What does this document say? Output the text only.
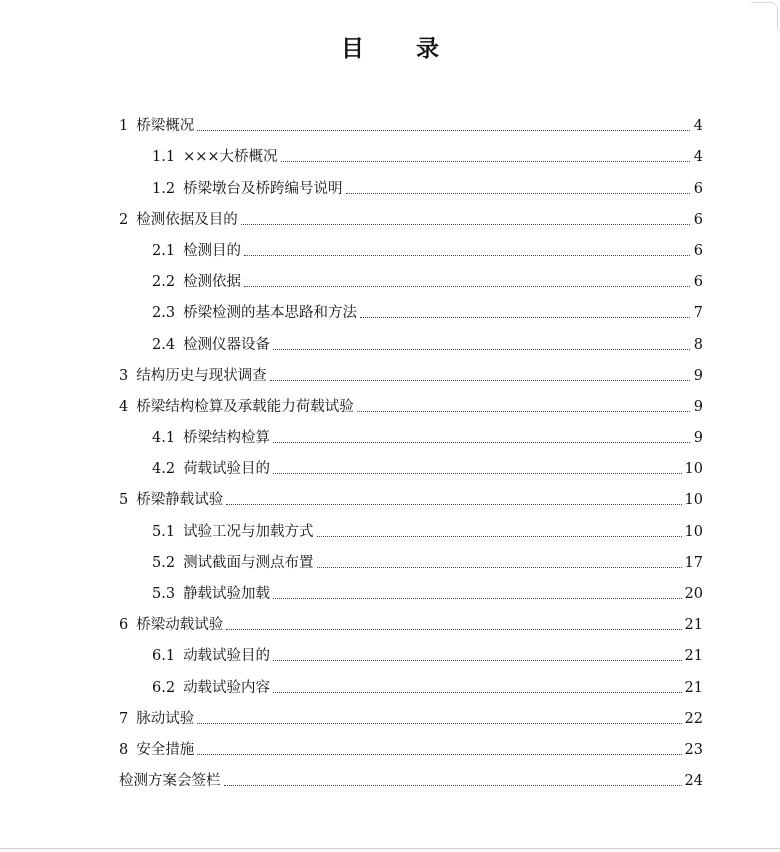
目 录
1 桥梁概况	4
1.1 ×××大桥概况	4
1.2 桥梁墩台及桥跨编号说明	6
2 检测依据及目的	6
2.1 检测目的	6
2.2 检测依据	6
2.3 桥梁检测的基本思路和方法	7
2.4 检测仪器设备	8
3 结构历史与现状调查	9
4 桥梁结构检算及承载能力荷载试验	9
4.1 桥梁结构检算	9
4.2 荷载试验目的	10
5 桥梁静载试验	10
5.1 试验工况与加载方式	10
5.2 测试截面与测点布置	17
5.3 静载试验加载	20
6 桥梁动载试验	21
6.1 动载试验目的	21
6.2 动载试验内容	21
7 脉动试验	22
8 安全措施	23
检测方案会签栏	24
